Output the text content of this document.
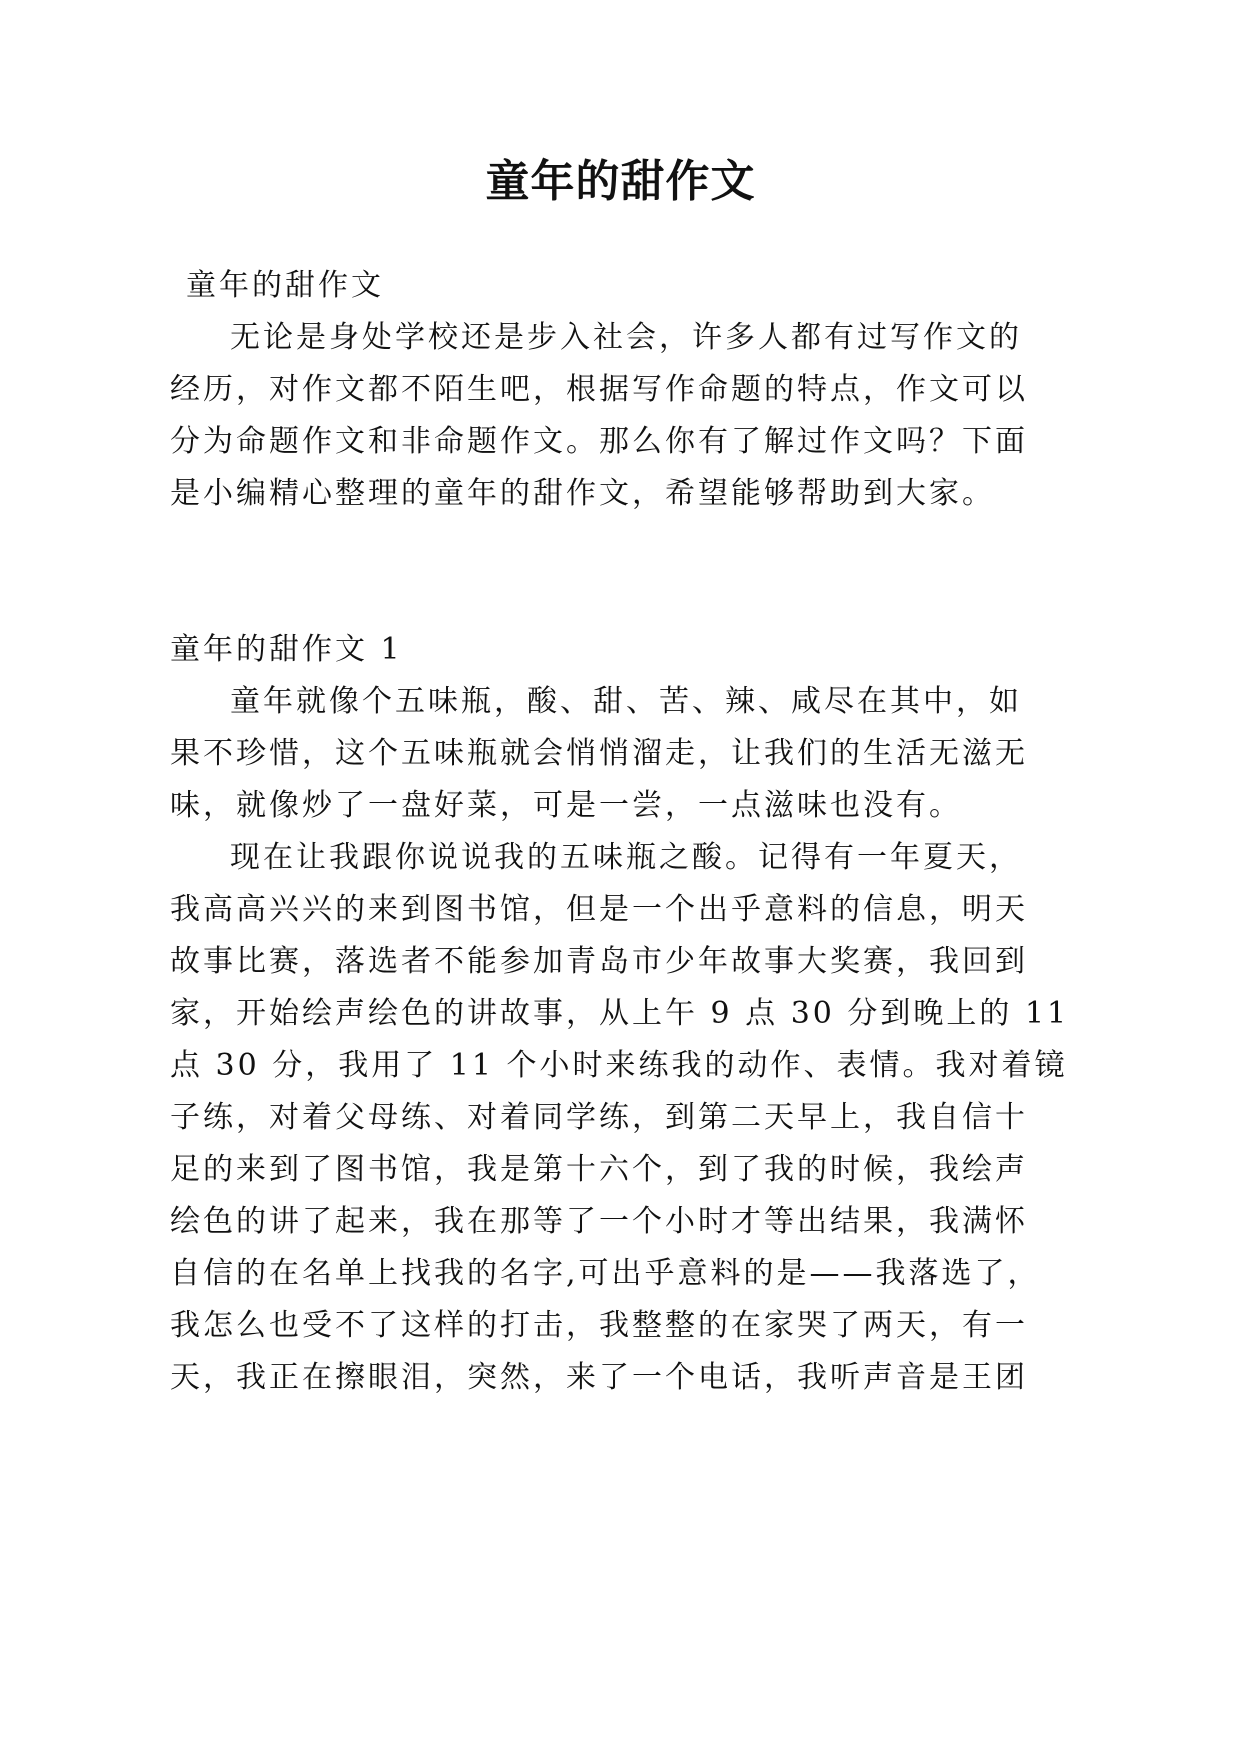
童年的甜作文
童年的甜作文
无论是身处学校还是步入社会，许多人都有过写作文的
经历，对作文都不陌生吧，根据写作命题的特点，作文可以
分为命题作文和非命题作文。那么你有了解过作文吗？下面
是小编精心整理的童年的甜作文，希望能够帮助到大家。
童年的甜作文 1
童年就像个五味瓶，酸、甜、苦、辣、咸尽在其中，如
果不珍惜，这个五味瓶就会悄悄溜走，让我们的生活无滋无
味，就像炒了一盘好菜，可是一尝，一点滋味也没有。
现在让我跟你说说我的五味瓶之酸。记得有一年夏天，
我高高兴兴的来到图书馆，但是一个出乎意料的信息，明天
故事比赛，落选者不能参加青岛市少年故事大奖赛，我回到
家，开始绘声绘色的讲故事，从上午 9 点 30 分到晚上的 11
点 30 分，我用了 11 个小时来练我的动作、表情。我对着镜
子练，对着父母练、对着同学练，到第二天早上，我自信十
足的来到了图书馆，我是第十六个，到了我的时候，我绘声
绘色的讲了起来，我在那等了一个小时才等出结果，我满怀
自信的在名单上找我的名字,可出乎意料的是——我落选了，
我怎么也受不了这样的打击，我整整的在家哭了两天，有一
天，我正在擦眼泪，突然，来了一个电话，我听声音是王团
